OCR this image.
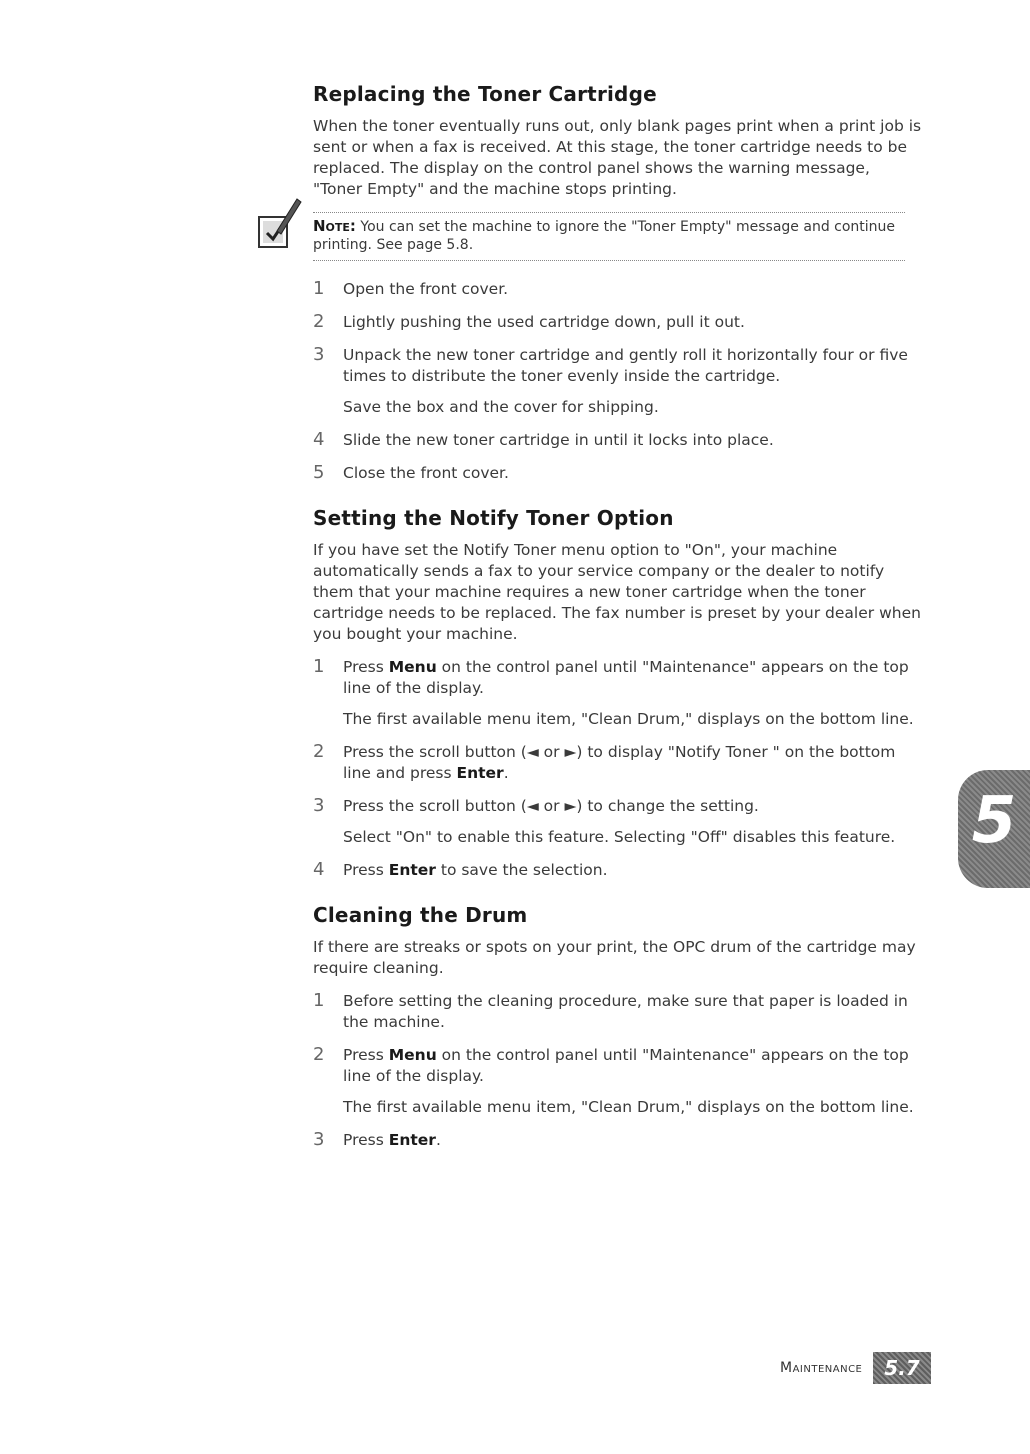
Replacing the Toner Cartridge

When the toner eventually runs out, only blank pages print when a print job is sent or when a fax is received. At this stage, the toner cartridge needs to be replaced. The display on the control panel shows the warning message, "Toner Empty" and the machine stops printing.

Note: You can set the machine to ignore the "Toner Empty" message and continue printing. See page 5.8.

1 Open the front cover.
2 Lightly pushing the used cartridge down, pull it out.
3 Unpack the new toner cartridge and gently roll it horizontally four or five times to distribute the toner evenly inside the cartridge.

Save the box and the cover for shipping.

4 Slide the new toner cartridge in until it locks into place.
5 Close the front cover.
Setting the Notify Toner Option

If you have set the Notify Toner menu option to "On", your machine automatically sends a fax to your service company or the dealer to notify them that your machine requires a new toner cartridge when the toner cartridge needs to be replaced. The fax number is preset by your dealer when you bought your machine.

1 Press Menu on the control panel until "Maintenance" appears on the top line of the display.

The first available menu item, "Clean Drum," displays on the bottom line.

2 Press the scroll button (◄ or ►) to display "Notify Toner " on the bottom line and press Enter.
3 Press the scroll button (◄ or ►) to change the setting.

Select "On" to enable this feature. Selecting "Off" disables this feature.

4 Press Enter to save the selection.
Cleaning the Drum

If there are streaks or spots on your print, the OPC drum of the cartridge may require cleaning.

1 Before setting the cleaning procedure, make sure that paper is loaded in the machine.
2 Press Menu on the control panel until "Maintenance" appears on the top line of the display.

The first available menu item, "Clean Drum," displays on the bottom line.

3 Press Enter.
5
Maintenance	5.7
